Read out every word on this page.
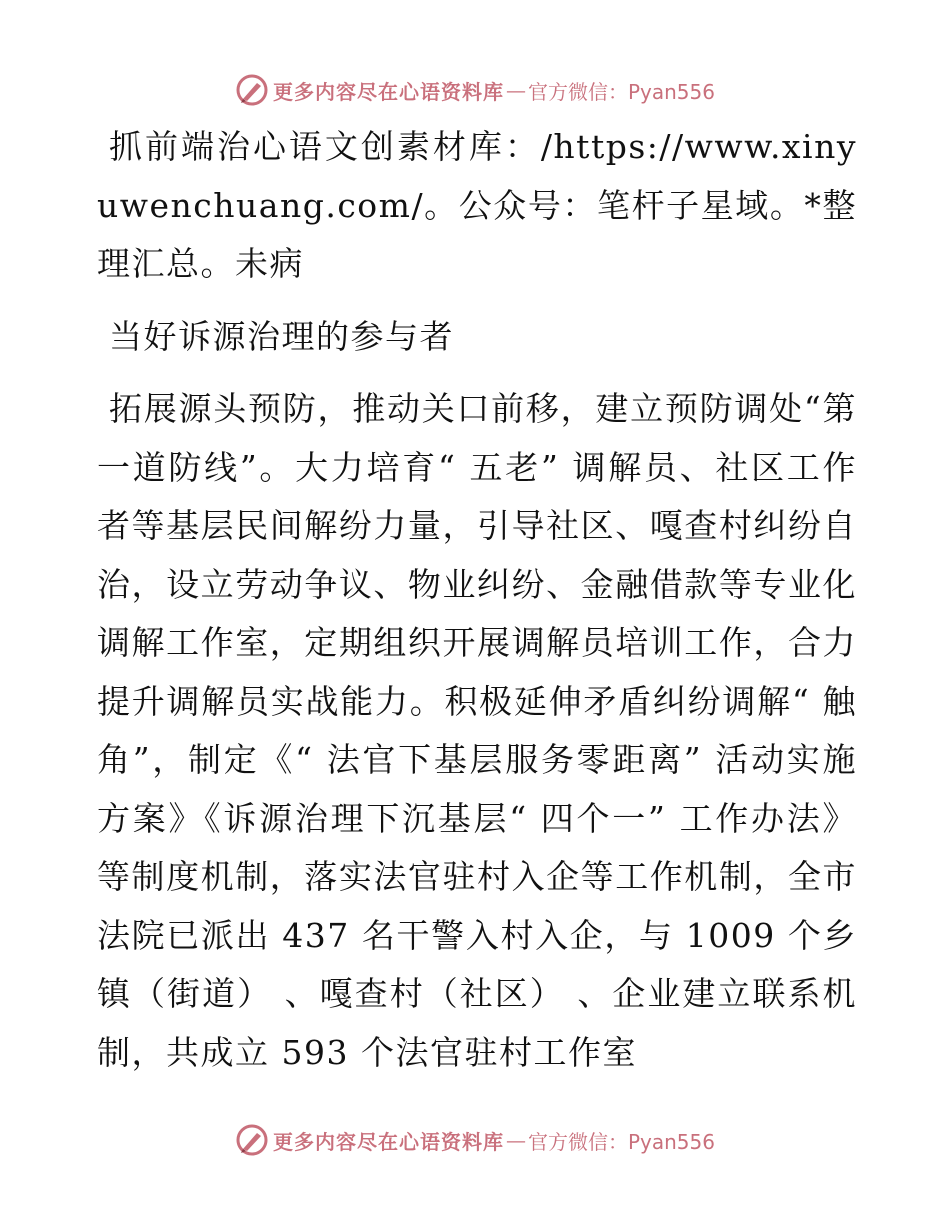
更多内容尽在心语资料库 — 官方微信：Pyan556

抓前端治心语文创素材库：/https://www.xinyuwenchuang.com/。公众号：笔杆子星域。*整理汇总。未病

当好诉源治理的参与者

拓展源头预防，推动关口前移，建立预防调处“第一道防线”。大力培育“ 五老” 调解员、社区工作者等基层民间解纷力量，引导社区、嘎查村纠纷自治，设立劳动争议、物业纠纷、金融借款等专业化调解工作室，定期组织开展调解员培训工作，合力提升调解员实战能力。积极延伸矛盾纠纷调解“ 触角”，制定《“ 法官下基层服务零距离” 活动实施方案》《诉源治理下沉基层“ 四个一” 工作办法》等制度机制，落实法官驻村入企等工作机制，全市法院已派出 437 名干警入村入企，与 1009 个乡镇（街道） 、嘎查村（社区） 、企业建立联系机制，共成立 593 个法官驻村工作室

更多内容尽在心语资料库 — 官方微信：Pyan556
